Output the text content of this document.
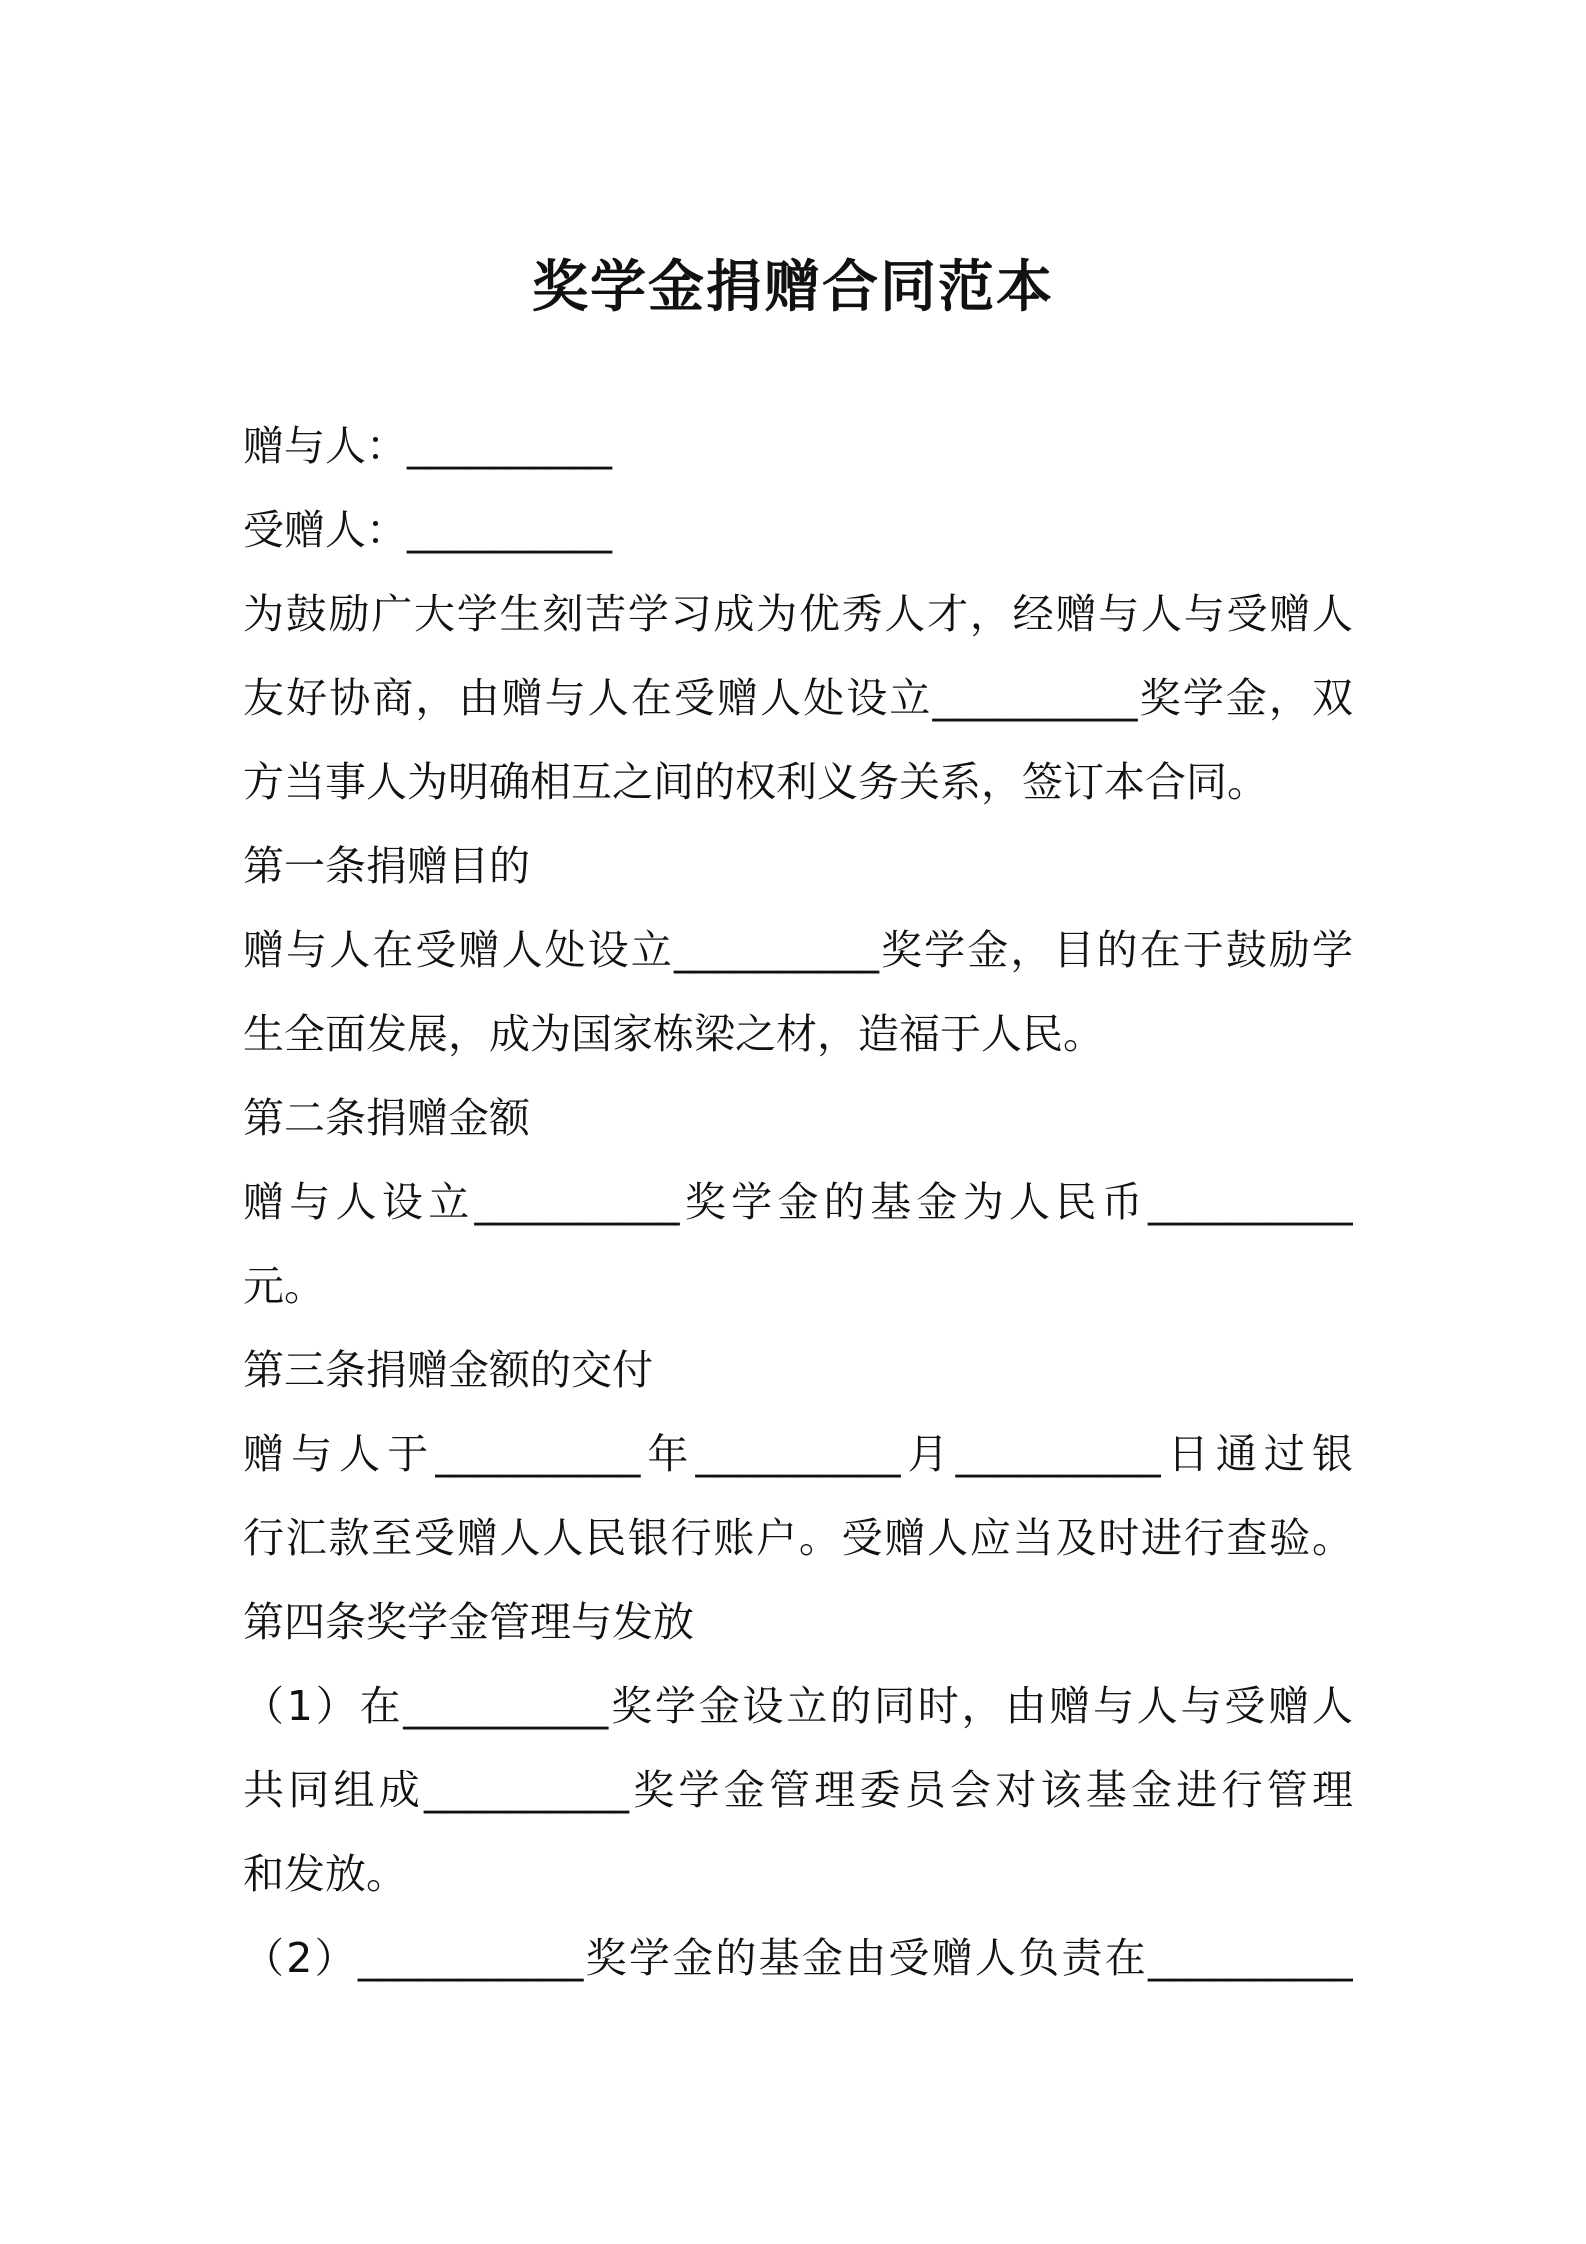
奖学金捐赠合同范本
赠与人：__________
受赠人：__________
为鼓励广大学生刻苦学习成为优秀人才，经赠与人与受赠人
友好协商，由赠与人在受赠人处设立__________奖学金，双
方当事人为明确相互之间的权利义务关系，签订本合同。
第一条捐赠目的
赠与人在受赠人处设立__________奖学金，目的在于鼓励学
生全面发展，成为国家栋梁之材，造福于人民。
第二条捐赠金额
赠与人设立__________奖学金的基金为人民币__________
元。
第三条捐赠金额的交付
赠与人于__________年__________月__________日通过银
行汇款至受赠人人民银行账户。受赠人应当及时进行查验。
第四条奖学金管理与发放
（1）在__________奖学金设立的同时，由赠与人与受赠人
共同组成__________奖学金管理委员会对该基金进行管理
和发放。
（2）___________奖学金的基金由受赠人负责在__________
